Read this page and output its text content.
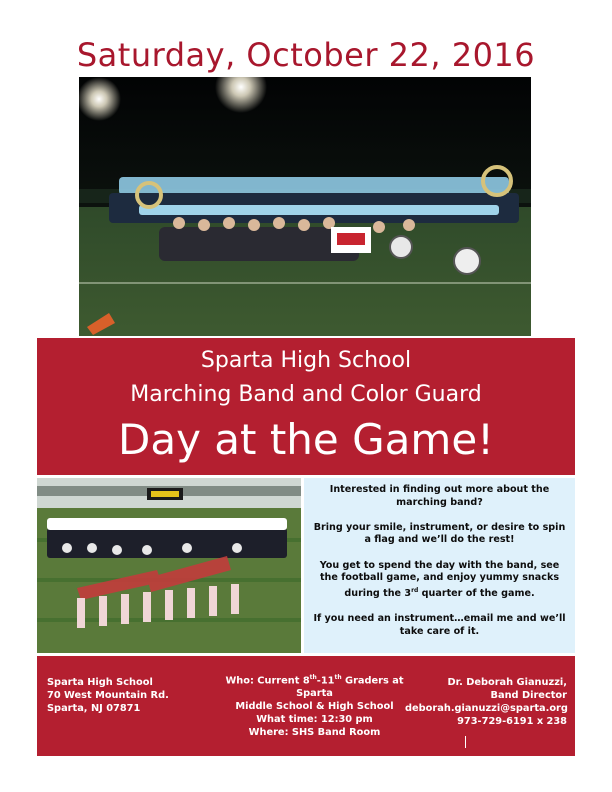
Saturday, October 22, 2016
Sparta High School
Marching Band and Color Guard
Day at the Game!

Interested in finding out more about the marching band?

Bring your smile, instrument, or desire to spin a flag and we’ll do the rest!

You get to spend the day with the band, see the football game, and enjoy yummy snacks during the 3rd quarter of the game.

If you need an instrument…email me and we’ll take care of it.

Sparta High School
70 West Mountain Rd.
Sparta, NJ 07871
Who: Current 8th-11th Graders at Sparta
Middle School & High School
What time: 12:30 pm
Where: SHS Band Room
Dr. Deborah Gianuzzi,
Band Director
deborah.gianuzzi@sparta.org
973-729-6191 x 238
